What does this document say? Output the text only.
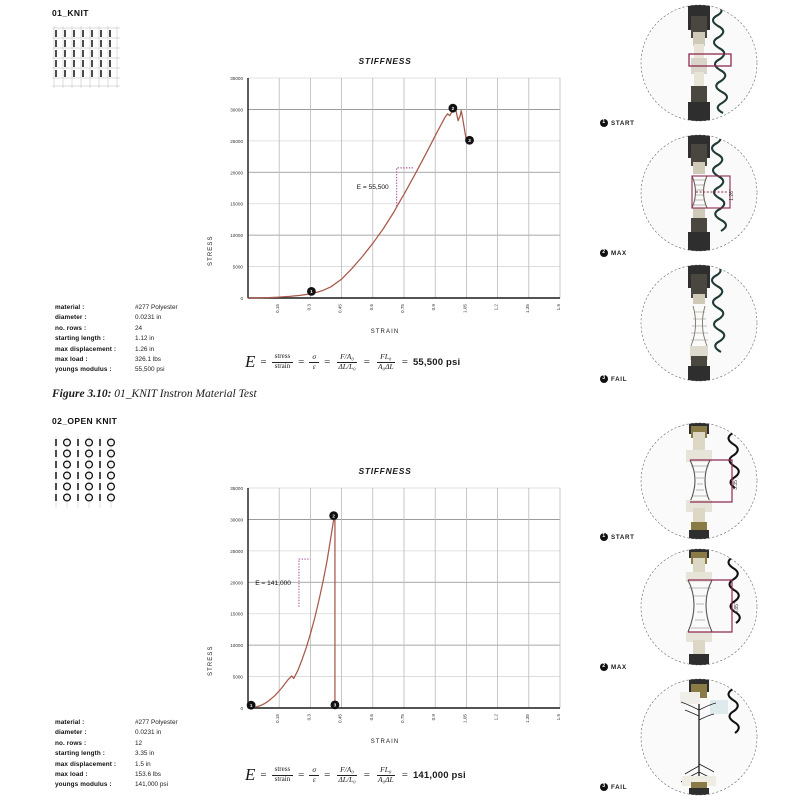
01_KNIT
material :	#277 Polyester
diameter :	0.0231 in
no. rows :	24
starting length :	1.12 in
max displacement :	1.26 in
max load :	326.1 lbs
youngs modulus :	55,500 psi
STIFFNESS
STRESS
STRAIN
0
5000
10000
15000
20000
25000
30000
35000
0.15	0.3	0.45	0.6	0.75	0.9	1.05	1.2	1.35	1.5
E = 55,500
1
2
3
$E = \frac{\text{stress}}{\text{strain}} = \frac{\sigma}{\varepsilon} = \frac{\text{F/A₀}}{\text{ΔL/L₀}} = \frac{\text{FL₀}}{\text{A₀ΔL}} = 55,500$ psi
Figure 3.10: 01_KNIT Instron Material Test
1 START
1.26"
2 MAX
3 FAIL
02_OPEN KNIT
material :	#277 Polyester
diameter :	0.0231 in
no. rows :	12
starting length :	3.35 in
max displacement :	1.5 in
max load :	153.6 lbs
youngs modulus :	141,000 psi
STIFFNESS
STRESS
STRAIN
0
5000
10000
15000
20000
25000
30000
35000
0.15	0.3	0.45	0.6	0.75	0.9	1.05	1.2	1.35	1.5
E = 141,000
1
2
3
$E = \frac{\text{stress}}{\text{strain}} = \frac{\sigma}{\varepsilon} = \frac{\text{F/A₀}}{\text{ΔL/L₀}} = \frac{\text{FL₀}}{\text{A₀ΔL}} = 141,000$ psi
3.35"
1 START
4.85"
2 MAX
3 FAIL
